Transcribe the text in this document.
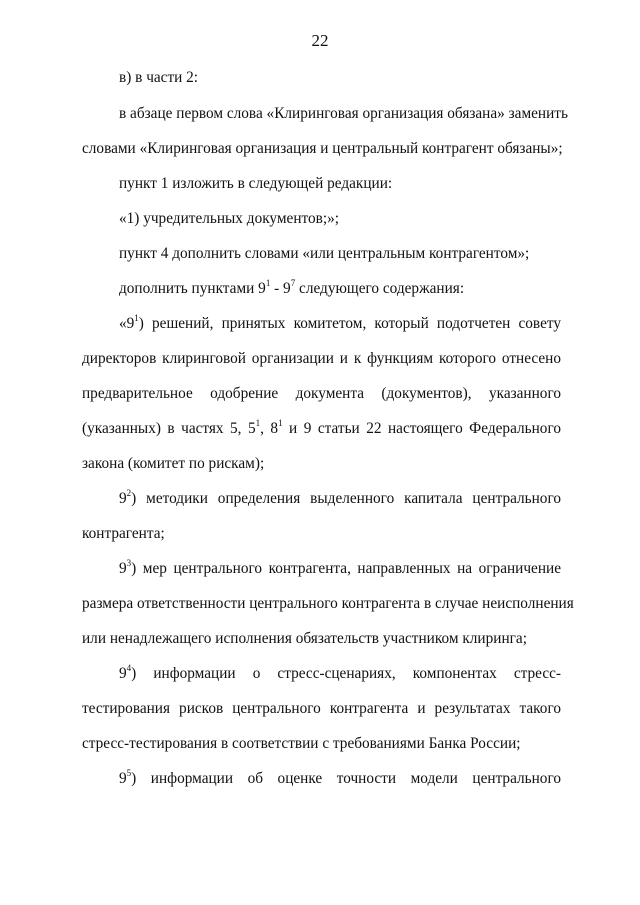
22
в) в части 2:
в абзаце первом слова «Клиринговая организация обязана» заменить
словами «Клиринговая организация и центральный контрагент обязаны»;
пункт 1 изложить в следующей редакции:
«1) учредительных документов;»;
пункт 4 дополнить словами «или центральным контрагентом»;
дополнить пунктами $9^1 - 9^7$ следующего содержания:
«$9^1$) решений, принятых комитетом, который подотчетен совету
директоров клиринговой организации и к функциям которого отнесено
предварительное одобрение документа (документов), указанного
(указанных) в частях 5, $5^1$, $8^1$ и 9 статьи 22 настоящего Федерального
закона (комитет по рискам);
$9^2$) методики определения выделенного капитала центрального
контрагента;
$9^3$) мер центрального контрагента, направленных на ограничение
размера ответственности центрального контрагента в случае неисполнения
или ненадлежащего исполнения обязательств участником клиринга;
$9^4$) информации о стресс-сценариях, компонентах стресс-
тестирования рисков центрального контрагента и результатах такого
стресс-тестирования в соответствии с требованиями Банка России;
$9^5$) информации об оценке точности модели центрального
